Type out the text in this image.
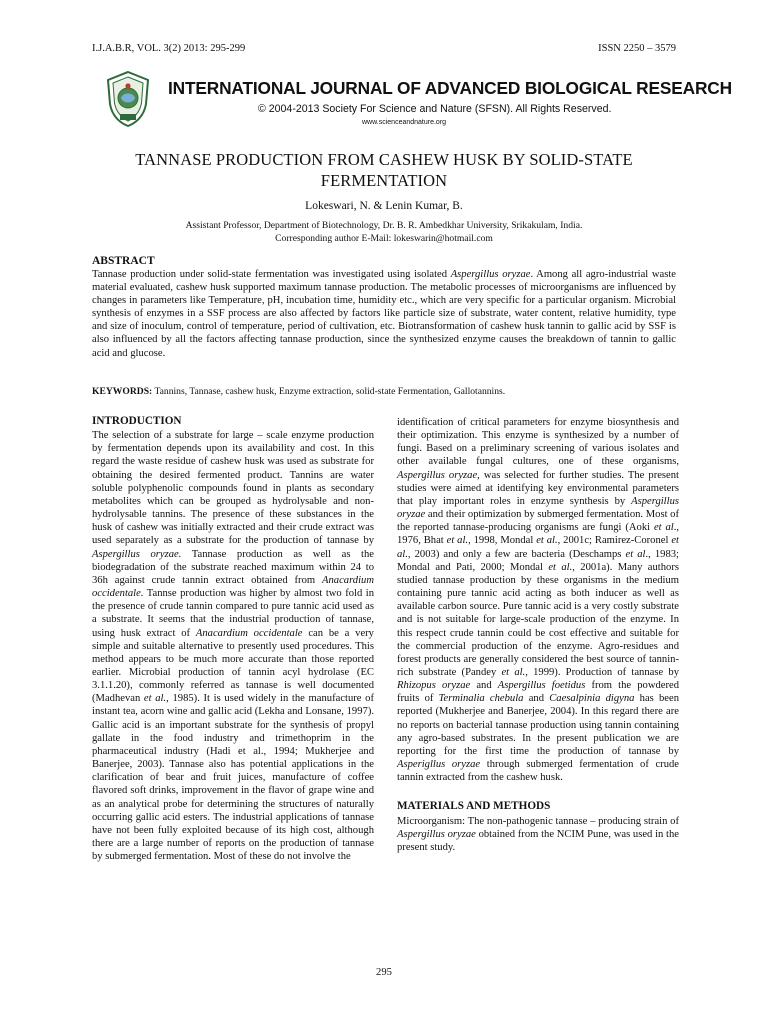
I.J.A.B.R, VOL. 3(2) 2013: 295-299	ISSN 2250 – 3579
INTERNATIONAL JOURNAL OF ADVANCED BIOLOGICAL RESEARCH
© 2004-2013 Society For Science and Nature (SFSN). All Rights Reserved.
www.scienceandnature.org
TANNASE PRODUCTION FROM CASHEW HUSK BY SOLID-STATE
FERMENTATION
Lokeswari, N. & Lenin Kumar, B.
Assistant Professor, Department of Biotechnology, Dr. B. R. Ambedkhar University, Srikakulam, India.
Corresponding author E-Mail: lokeswarin@hotmail.com
ABSTRACT
Tannase production under solid-state fermentation was investigated using isolated Aspergillus oryzae. Among all agro-industrial waste material evaluated, cashew husk supported maximum tannase production. The metabolic processes of microorganisms are influenced by changes in parameters like Temperature, pH, incubation time, humidity etc., which are very specific for a particular organism. Microbial synthesis of enzymes in a SSF process are also affected by factors like particle size of substrate, water content, relative humidity, type and size of inoculum, control of temperature, period of cultivation, etc. Biotransformation of cashew husk tannin to gallic acid by SSF is also influenced by all the factors affecting tannase production, since the synthesized enzyme causes the breakdown of tannin to gallic acid and glucose.
KEYWORDS: Tannins, Tannase, cashew husk, Enzyme extraction, solid-state Fermentation, Gallotannins.

INTRODUCTION

The selection of a substrate for large – scale enzyme production by fermentation depends upon its availability and cost. In this regard the waste residue of cashew husk was used as substrate for obtaining the desired fermented product. Tannins are water soluble polyphenolic compounds found in plants as secondary metabolites which can be grouped as hydrolysable and non-hydrolysable tannins. The presence of these substances in the husk of cashew was initially extracted and their crude extract was used separately as a substrate for the production of tannase by Aspergillus oryzae. Tannase production as well as the biodegradation of the substrate reached maximum within 24 to 36h against crude tannin extract obtained from Anacardium occidentale. Tannse production was higher by almost two fold in the presence of crude tannin compared to pure tannic acid used as a substrate. It seems that the industrial production of tannase, using husk extract of Anacardium occidentale can be a very simple and suitable alternative to presently used procedures. This method appears to be much more accurate than those reported earlier. Microbial production of tannin acyl hydrolase (EC 3.1.1.20), commonly referred as tannase is well documented (Madhevan et al., 1985). It is used widely in the manufacture of instant tea, acorn wine and gallic acid (Lekha and Lonsane, 1997). Gallic acid is an important substrate for the synthesis of propyl gallate in the food industry and trimethoprim in the pharmaceutical industry (Hadi et al., 1994; Mukherjee and Banerjee, 2003). Tannase also has potential applications in the clarification of bear and fruit juices, manufacture of coffee flavored soft drinks, improvement in the flavor of grape wine and as an analytical probe for determining the structures of naturally occurring gallic acid esters. The industrial applications of tannase have not been fully exploited because of its high cost, although there are a large number of reports on the production of tannase by submerged fermentation. Most of these do not involve the

identification of critical parameters for enzyme biosynthesis and their optimization. This enzyme is synthesized by a number of fungi. Based on a preliminary screening of various isolates and other available fungal cultures, one of these organisms, Aspergillus oryzae, was selected for further studies. The present studies were aimed at identifying key environmental parameters that play important roles in enzyme synthesis by Aspergillus oryzae and their optimization by submerged fermentation. Most of the reported tannase-producing organisms are fungi (Aoki et al., 1976, Bhat et al., 1998, Mondal et al., 2001c; Ramirez-Coronel et al., 2003) and only a few are bacteria (Deschamps et al., 1983; Mondal and Pati, 2000; Mondal et al., 2001a). Many authors studied tannase production by these organisms in the medium containing pure tannic acid acting as both inducer as well as available carbon source. Pure tannic acid is a very costly substrate and is not suitable for large-scale production of the enzyme. In this respect crude tannin could be cost effective and suitable for the commercial production of the enzyme. Agro-residues and forest products are generally considered the best source of tannin-rich substrate (Pandey et al., 1999). Production of tannase by Rhizopus oryzae and Aspergillus foetidus from the powdered fruits of Terminalia chebula and Caesalpinia digyna has been reported (Mukherjee and Banerjee, 2004). In this regard there are no reports on bacterial tannase production using tannin containing any agro-based substrates. In the present publication we are reporting for the first time the production of tannase by Asperigllus oryzae through submerged fermentation of crude tannin extracted from the cashew husk.

MATERIALS AND METHODS

Microorganism: The non-pathogenic tannase – producing strain of Aspergillus oryzae obtained from the NCIM Pune, was used in the present study.

295
